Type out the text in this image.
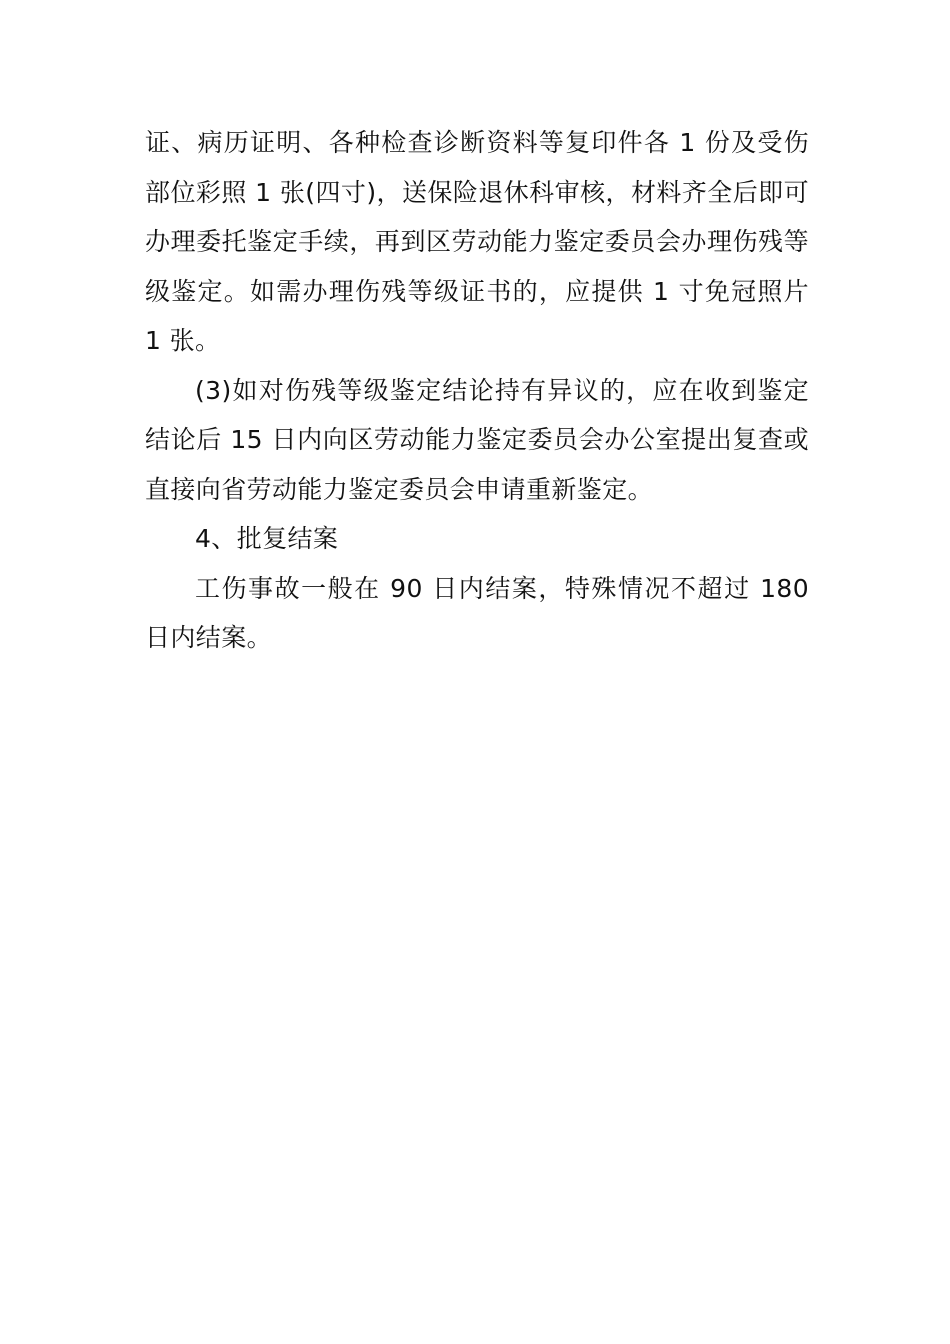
证、病历证明、各种检查诊断资料等复印件各 1 份及受伤部位彩照 1 张(四寸)，送保险退休科审核，材料齐全后即可办理委托鉴定手续，再到区劳动能力鉴定委员会办理伤残等级鉴定。如需办理伤残等级证书的，应提供 1 寸免冠照片 1 张。

(3)如对伤残等级鉴定结论持有异议的，应在收到鉴定结论后 15 日内向区劳动能力鉴定委员会办公室提出复查或直接向省劳动能力鉴定委员会申请重新鉴定。

4、批复结案

工伤事故一般在 90 日内结案，特殊情况不超过 180 日内结案。
